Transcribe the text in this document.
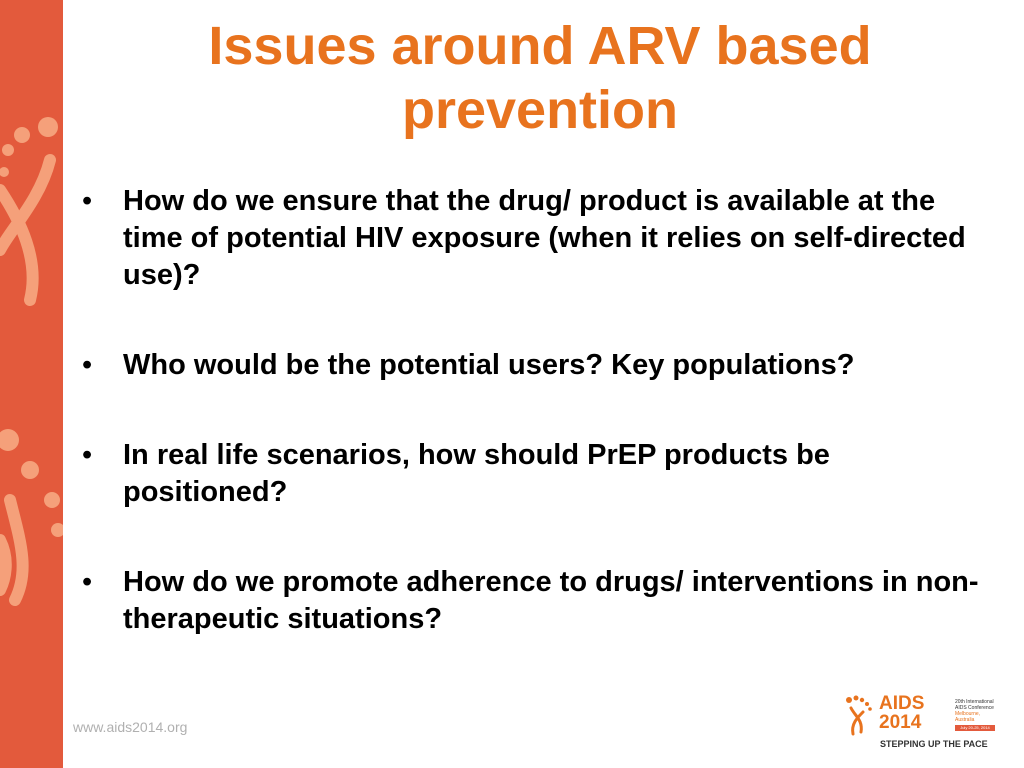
Issues around ARV based prevention
•	How do we ensure that the drug/ product is available at the time of potential HIV exposure (when it relies on self-directed use)?
•	Who would be the potential users? Key populations?
•	In real life scenarios, how should PrEP products be positioned?
•	How do we promote adherence to drugs/ interventions in non-therapeutic situations?
www.aids2014.org
AIDS
2014
20th International
AIDS Conference
Melbourne, Australia
July 20-25, 2014
STEPPING UP THE PACE
